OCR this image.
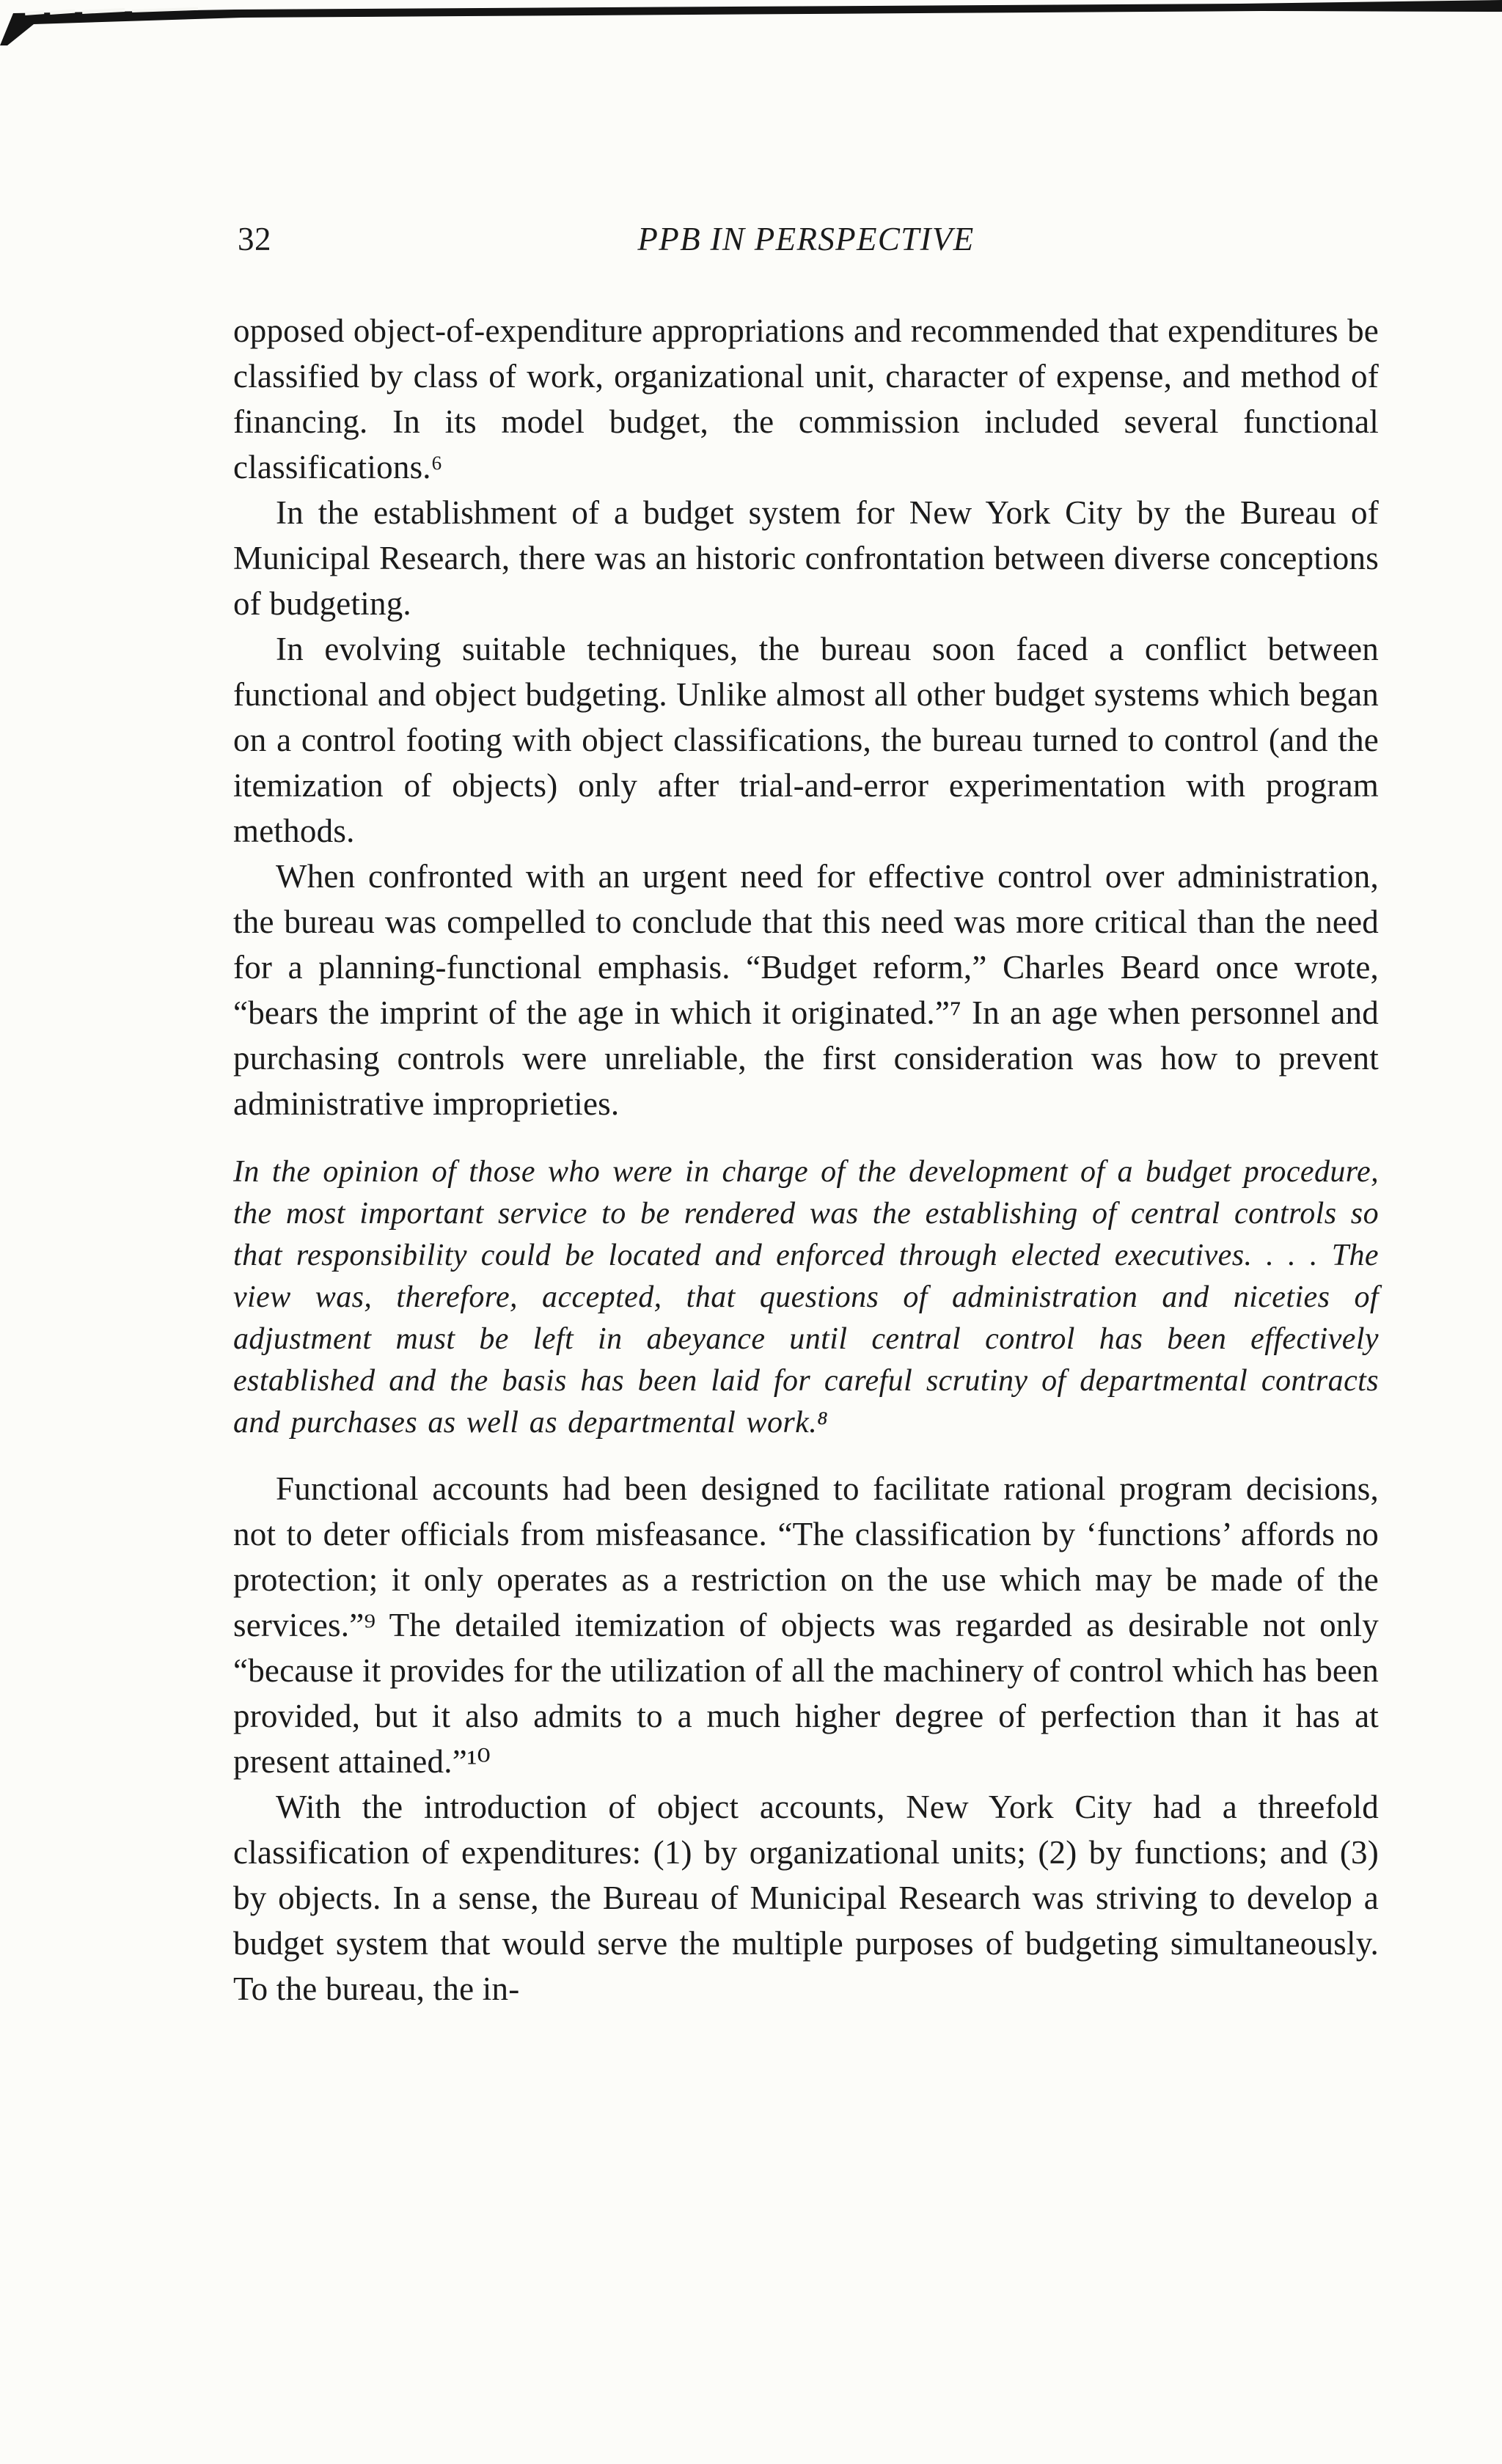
32	PPB IN PERSPECTIVE

opposed object-of-expenditure appropriations and recommended that expenditures be classified by class of work, organizational unit, character of expense, and method of financing. In its model budget, the commission included several functional classifications.⁶

In the establishment of a budget system for New York City by the Bureau of Municipal Research, there was an historic confrontation between diverse conceptions of budgeting.

In evolving suitable techniques, the bureau soon faced a conflict between functional and object budgeting. Unlike almost all other budget systems which began on a control footing with object classifications, the bureau turned to control (and the itemization of objects) only after trial-and-error experimentation with program methods.

When confronted with an urgent need for effective control over administration, the bureau was compelled to conclude that this need was more critical than the need for a planning-functional emphasis. “Budget reform,” Charles Beard once wrote, “bears the imprint of the age in which it originated.”⁷ In an age when personnel and purchasing controls were unreliable, the first consideration was how to prevent administrative improprieties.

In the opinion of those who were in charge of the development of a budget procedure, the most important service to be rendered was the establishing of central controls so that responsibility could be located and enforced through elected executives. . . . The view was, therefore, accepted, that questions of administration and niceties of adjustment must be left in abeyance until central control has been effectively established and the basis has been laid for careful scrutiny of departmental contracts and purchases as well as departmental work.⁸

Functional accounts had been designed to facilitate rational program decisions, not to deter officials from misfeasance. “The classification by ‘functions’ affords no protection; it only operates as a restriction on the use which may be made of the services.”⁹ The detailed itemization of objects was regarded as desirable not only “because it provides for the utilization of all the machinery of control which has been provided, but it also admits to a much higher degree of perfection than it has at present attained.”¹⁰

With the introduction of object accounts, New York City had a threefold classification of expenditures: (1) by organizational units; (2) by functions; and (3) by objects. In a sense, the Bureau of Municipal Research was striving to develop a budget system that would serve the multiple purposes of budgeting simultaneously. To the bureau, the in-
